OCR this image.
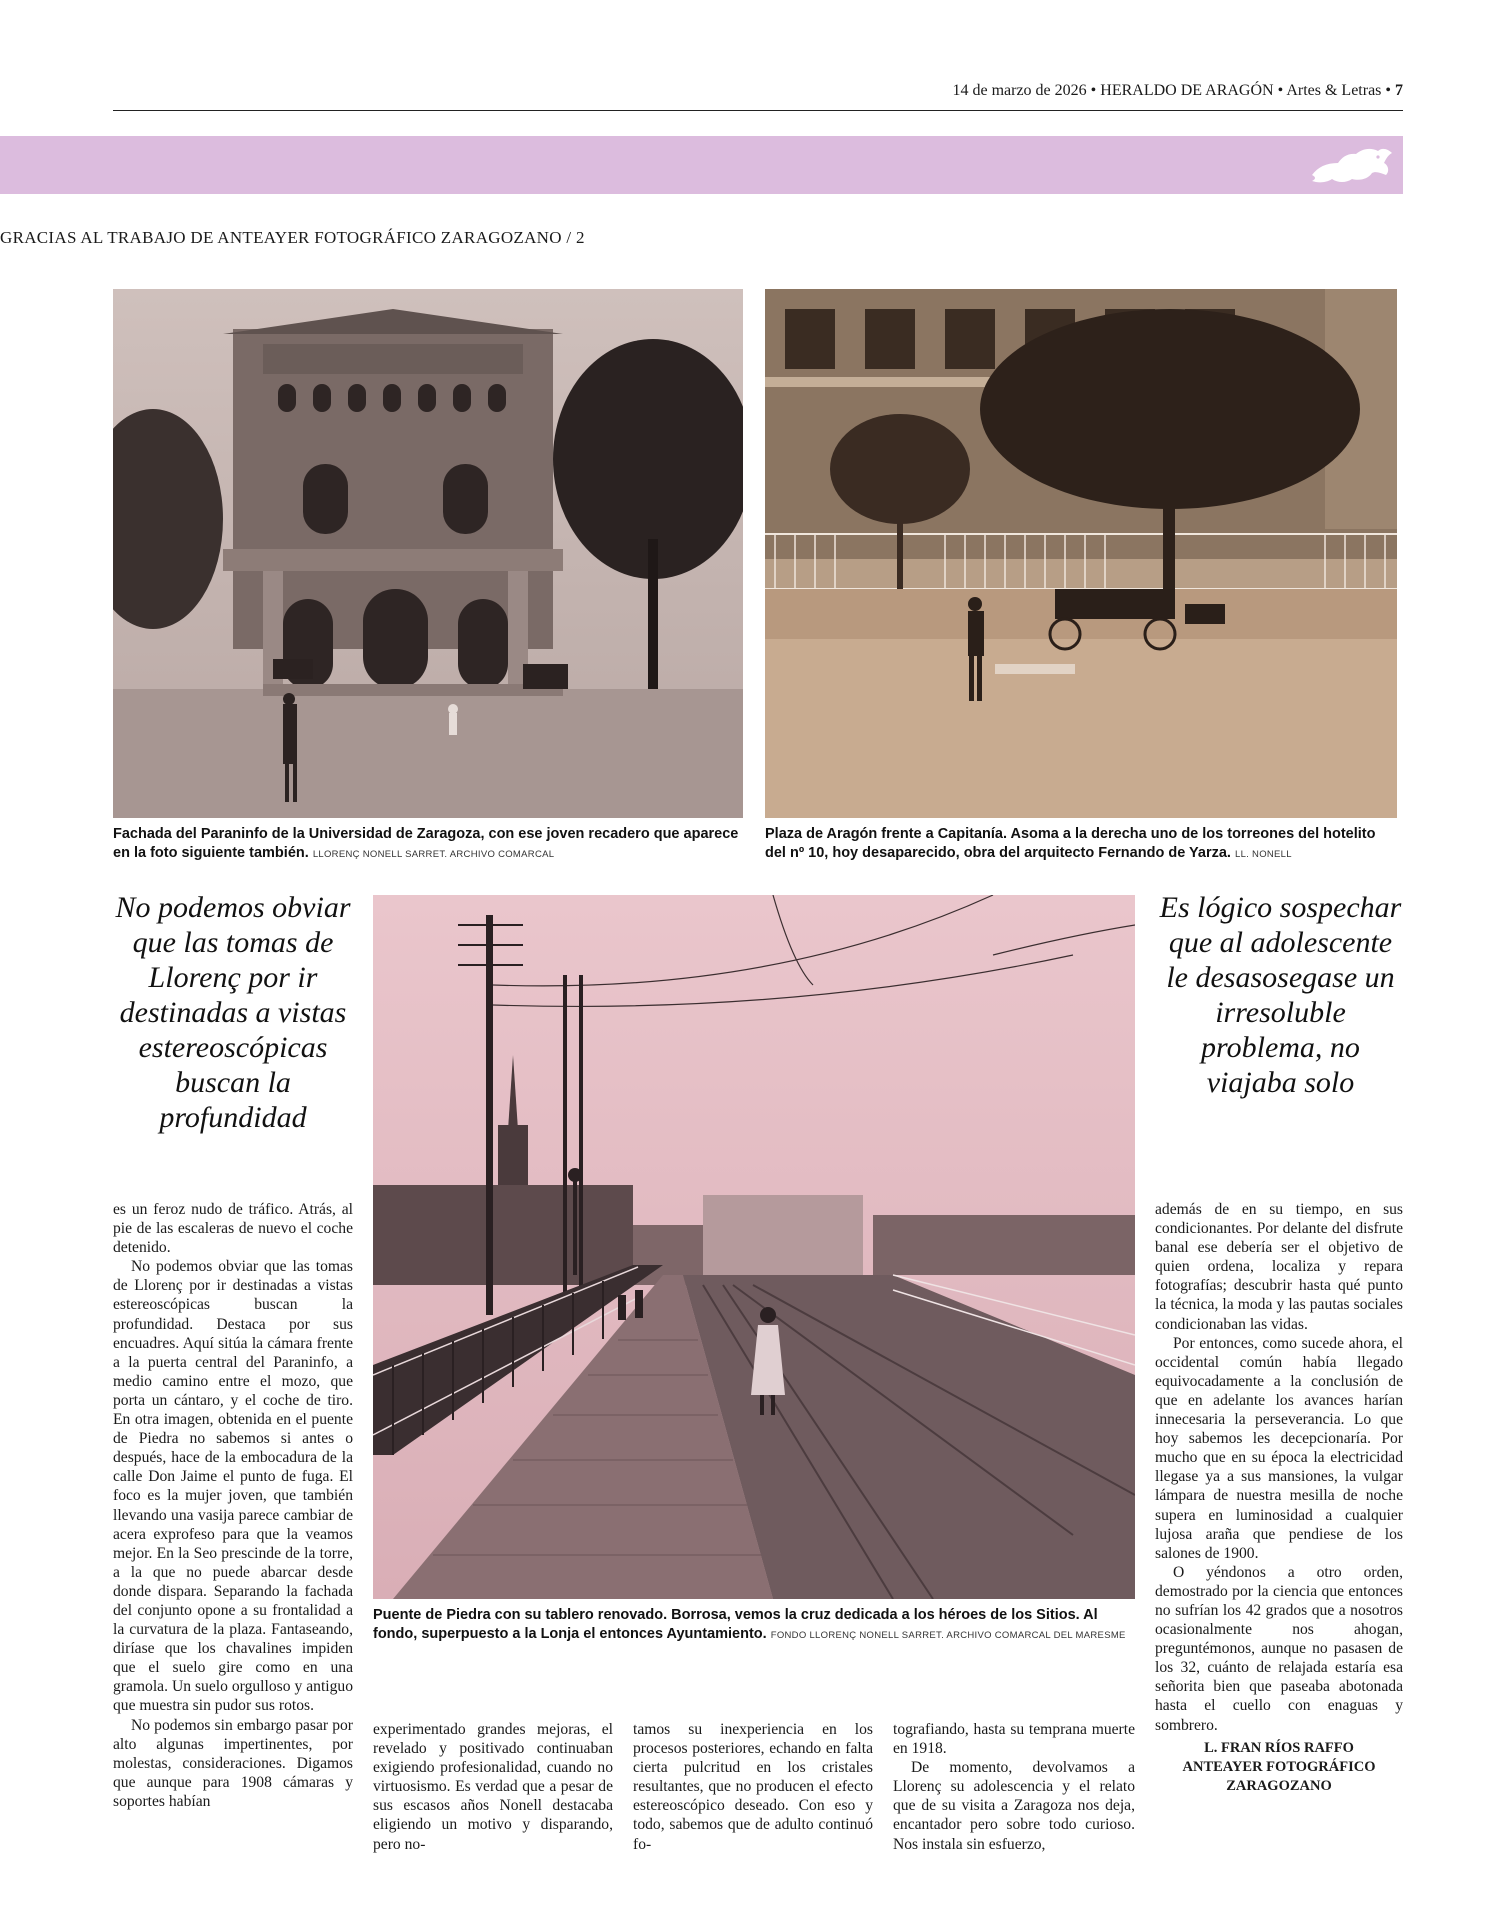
14 de marzo de 2026 • HERALDO DE ARAGÓN • Artes & Letras • 7
GRACIAS AL TRABAJO DE ANTEAYER FOTOGRÁFICO ZARAGOZANO / 2
Fachada del Paraninfo de la Universidad de Zaragoza, con ese joven recadero que aparece en la foto siguiente también. LLORENÇ NONELL SARRET. ARCHIVO COMARCAL
Plaza de Aragón frente a Capitanía. Asoma a la derecha uno de los torreones del hotelito del nº 10, hoy desaparecido, obra del arquitecto Fernando de Yarza. LL. NONELL
No podemos obviar que las tomas de Llorenç por ir destinadas a vistas estereoscópicas buscan la profundidad
Es lógico sospechar que al adolescente le desasosegase un irresoluble problema, no viajaba solo
Puente de Piedra con su tablero renovado. Borrosa, vemos la cruz dedicada a los héroes de los Sitios. Al fondo, superpuesto a la Lonja el entonces Ayuntamiento. FONDO LLORENÇ NONELL SARRET. ARCHIVO COMARCAL DEL MARESME

es un feroz nudo de tráfico. Atrás, al pie de las escaleras de nuevo el coche detenido.

No podemos obviar que las tomas de Llorenç por ir destinadas a vistas estereoscópicas buscan la profundidad. Destaca por sus encuadres. Aquí sitúa la cámara frente a la puerta central del Paraninfo, a medio camino entre el mozo, que porta un cántaro, y el coche de tiro. En otra imagen, obtenida en el puente de Piedra no sabemos si antes o después, hace de la embocadura de la calle Don Jaime el punto de fuga. El foco es la mujer joven, que también llevando una vasija parece cambiar de acera exprofeso para que la veamos mejor. En la Seo prescinde de la torre, a la que no puede abarcar desde donde dispara. Separando la fachada del conjunto opone a su frontalidad a la curvatura de la plaza. Fantaseando, diríase que los chavalines impiden que el suelo gire como en una gramola. Un suelo orgulloso y antiguo que muestra sin pudor sus rotos.

No podemos sin embargo pasar por alto algunas impertinentes, por molestas, consideraciones. Digamos que aunque para 1908 cámaras y soportes habían

experimentado grandes mejoras, el revelado y positivado continuaban exigiendo profesionalidad, cuando no virtuosismo. Es verdad que a pesar de sus escasos años Nonell destacaba eligiendo un motivo y disparando, pero no-

tamos su inexperiencia en los procesos posteriores, echando en falta cierta pulcritud en los cristales resultantes, que no producen el efecto estereoscópico deseado. Con eso y todo, sabemos que de adulto continuó fo-

tografiando, hasta su temprana muerte en 1918.

De momento, devolvamos a Llorenç su adolescencia y el relato que de su visita a Zaragoza nos deja, encantador pero sobre todo curioso. Nos instala sin esfuerzo,

además de en su tiempo, en sus condicionantes. Por delante del disfrute banal ese debería ser el objetivo de quien ordena, localiza y repara fotografías; descubrir hasta qué punto la técnica, la moda y las pautas sociales condicionaban las vidas.

Por entonces, como sucede ahora, el occidental común había llegado equivocadamente a la conclusión de que en adelante los avances harían innecesaria la perseverancia. Lo que hoy sabemos les decepcionaría. Por mucho que en su época la electricidad llegase ya a sus mansiones, la vulgar lámpara de nuestra mesilla de noche supera en luminosidad a cualquier lujosa araña que pendiese de los salones de 1900.

O yéndonos a otro orden, demostrado por la ciencia que entonces no sufrían los 42 grados que a nosotros ocasionalmente nos ahogan, preguntémonos, aunque no pasasen de los 32, cuánto de relajada estaría esa señorita bien que paseaba abotonada hasta el cuello con enaguas y sombrero.

L. FRAN RÍOS RAFFO
ANTEAYER FOTOGRÁFICO ZARAGOZANO
